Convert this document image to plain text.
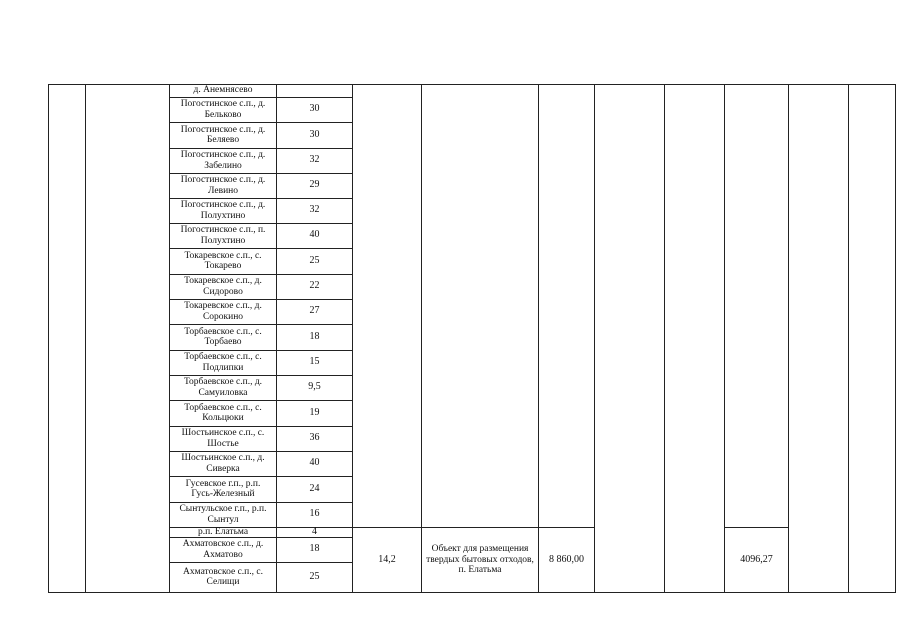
д. Анемнясево
Погостинское с.п., д. Бельково
30
Погостинское с.п., д. Беляево
30
Погостинское с.п., д. Забелино
32
Погостинское с.п., д. Левино
29
Погостинское с.п., д. Полухтино
32
Погостинское с.п., п. Полухтино
40
Токаревское с.п., с. Токарево
25
Токаревское с.п., д. Сидорово
22
Токаревское с.п., д. Сорокино
27
Торбаевское с.п., с. Торбаево
18
Торбаевское с.п., с. Подлипки
15
Торбаевское с.п., д. Самуиловка
9,5
Торбаевское с.п., с. Кольцюки
19
Шостьинское с.п., с. Шостье
36
Шостьинское с.п., д. Сиверка
40
Гусевское г.п., р.п. Гусь-Железный
24
Сынтульское г.п., р.п. Сынтул
16
р.п. Елатьма	4
Ахматовское с.п., д. Ахматово
18
Ахматовское с.п., с. Селищи
25
14,2
Объект для размещения твердых бытовых отходов, п. Елатьма
8 860,00	4096,27
